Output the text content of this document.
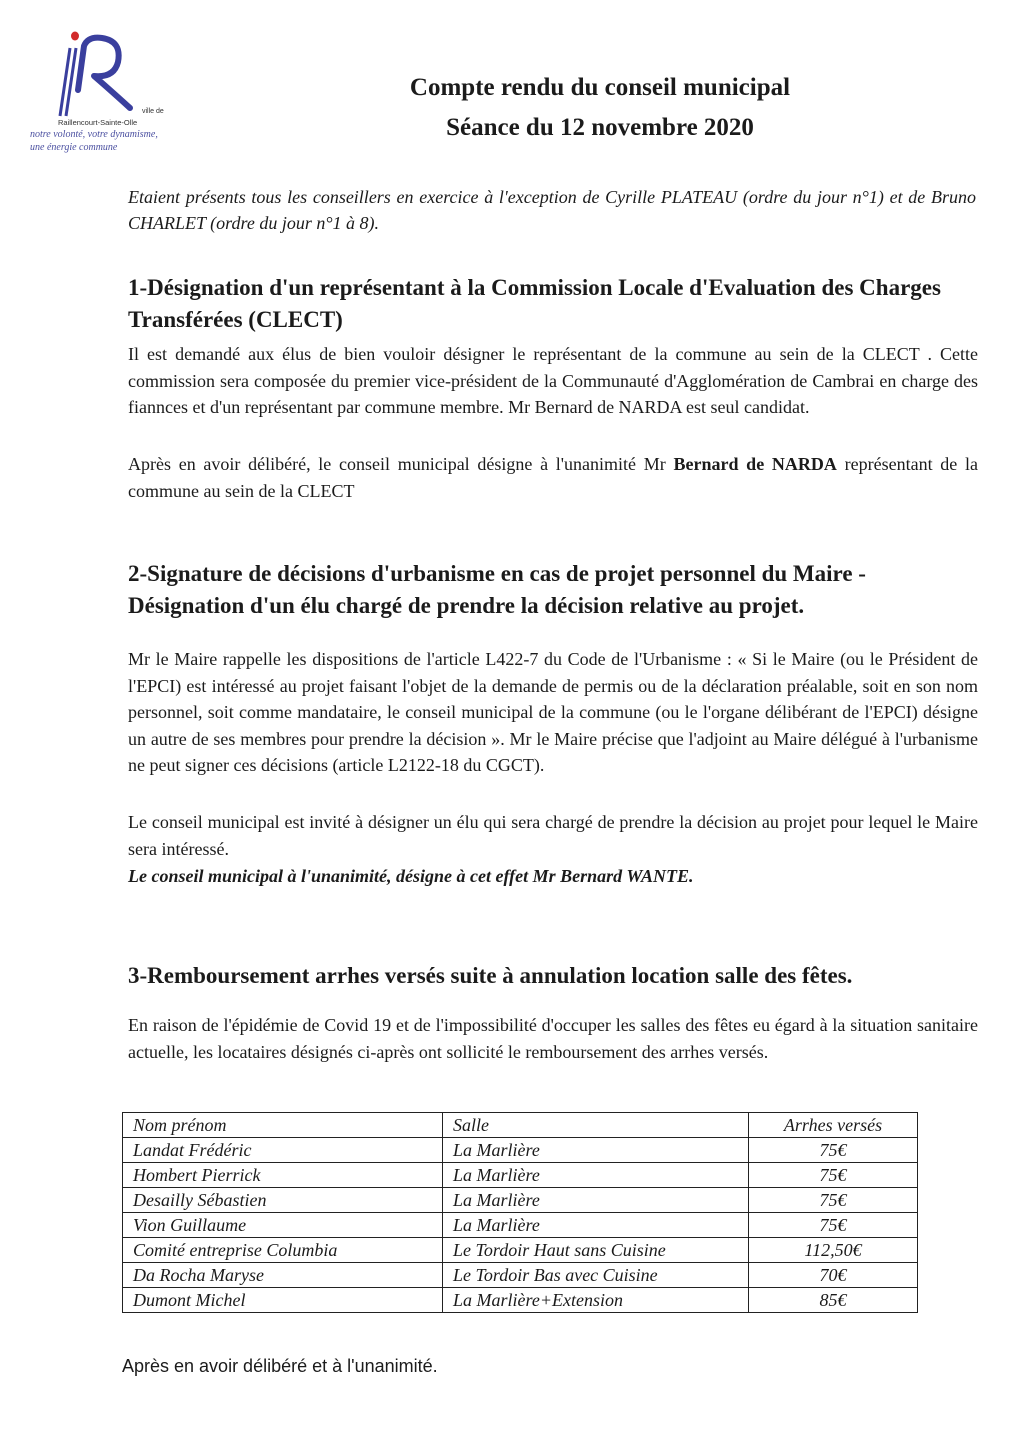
ville de
Raillencourt-Sainte-Olle
notre volonté, votre dynamisme,
une énergie commune
Compte rendu du conseil municipal
Séance du 12 novembre 2020

Etaient présents tous les conseillers en exercice à l'exception de Cyrille PLATEAU (ordre du jour n°1) et de Bruno CHARLET (ordre du jour n°1 à 8).

1-Désignation d'un représentant à la Commission Locale d'Evaluation des Charges Transférées (CLECT)

Il est demandé aux élus de bien vouloir désigner le représentant de la commune au sein de la CLECT . Cette commission sera composée du premier vice-président de la Communauté d'Agglomération de Cambrai en charge des fiannces et d'un représentant par commune membre. Mr Bernard de NARDA est seul candidat.

Après en avoir délibéré, le conseil municipal désigne à l'unanimité Mr Bernard de NARDA représentant de la commune au sein de la CLECT

2-Signature de décisions d'urbanisme en cas de projet personnel du Maire - Désignation d'un élu chargé de prendre la décision relative au projet.

Mr le Maire rappelle les dispositions de l'article L422-7 du Code de l'Urbanisme : « Si le Maire (ou le Président de l'EPCI) est intéressé au projet faisant l'objet de la demande de permis ou de la déclaration préalable, soit en son nom personnel, soit comme mandataire, le conseil municipal de la commune (ou le l'organe délibérant de l'EPCI) désigne un autre de ses membres pour prendre la décision ». Mr le Maire précise que l'adjoint au Maire délégué à l'urbanisme ne peut signer ces décisions (article L2122-18 du CGCT).

Le conseil municipal est invité à désigner un élu qui sera chargé de prendre la décision au projet pour lequel le Maire sera intéressé.

Le conseil municipal à l'unanimité, désigne à cet effet Mr Bernard WANTE.

3-Remboursement arrhes versés suite à annulation location salle des fêtes.

En raison de l'épidémie de Covid 19 et de l'impossibilité d'occuper les salles des fêtes eu égard à la situation sanitaire actuelle, les locataires désignés ci-après ont sollicité le remboursement des arrhes versés.

Nom prénom	Salle	Arrhes versés
Landat Frédéric	La Marlière	75€
Hombert Pierrick	La Marlière	75€
Desailly Sébastien	La Marlière	75€
Vion Guillaume	La Marlière	75€
Comité entreprise Columbia	Le Tordoir Haut sans Cuisine	112,50€
Da Rocha Maryse	Le Tordoir Bas avec Cuisine	70€
Dumont Michel	La Marlière+Extension	85€

Après en avoir délibéré et à l'unanimité.
